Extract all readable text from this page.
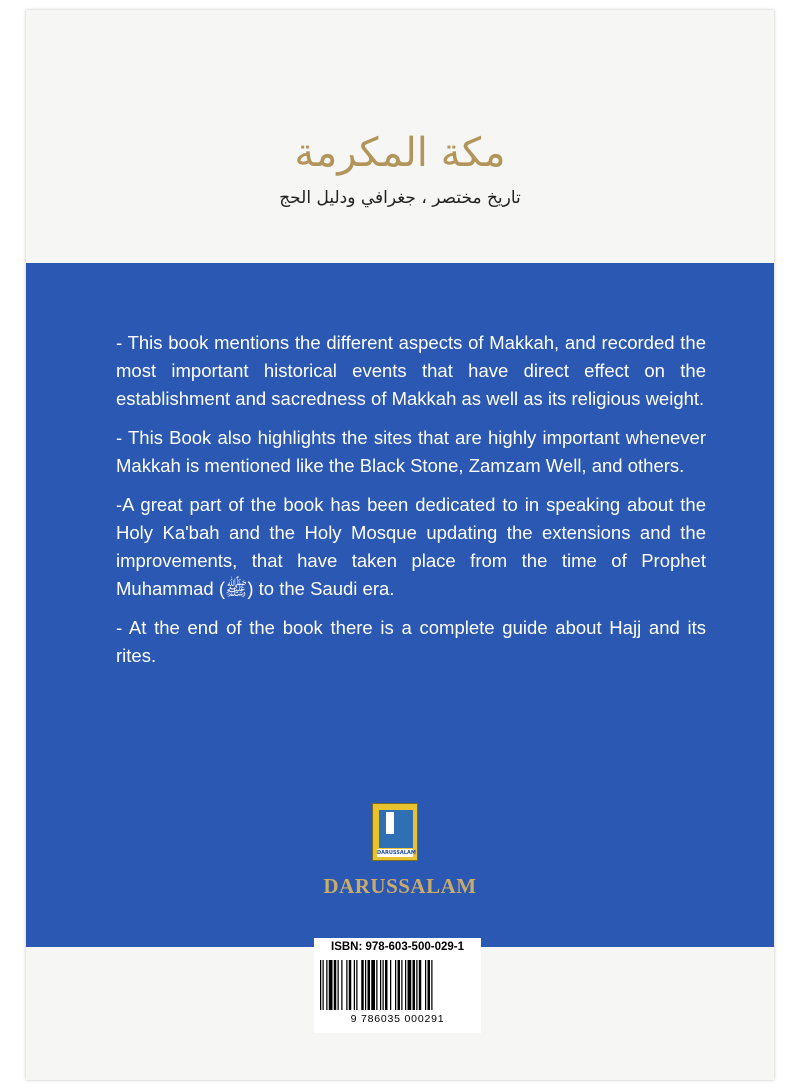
مكة المكرمة
تاريخ مختصر ، جغرافي ودليل الحج

- This book mentions the different aspects of Makkah, and recorded the most important historical events that have direct effect on the establishment and sacredness of Makkah as well as its religious weight.

- This Book also highlights the sites that are highly important whenever Makkah is mentioned like the Black Stone, Zamzam Well, and others.

-A great part of the book has been dedicated to in speaking about the Holy Ka'bah and the Holy Mosque updating the extensions and the improvements, that have taken place from the time of Prophet Muhammad (ﷺ) to the Saudi era.

- At the end of the book there is a complete guide about Hajj and its rites.

DARUSSALAM
DARUSSALAM
ISBN: 978-603-500-029-1
9 786035 000291
